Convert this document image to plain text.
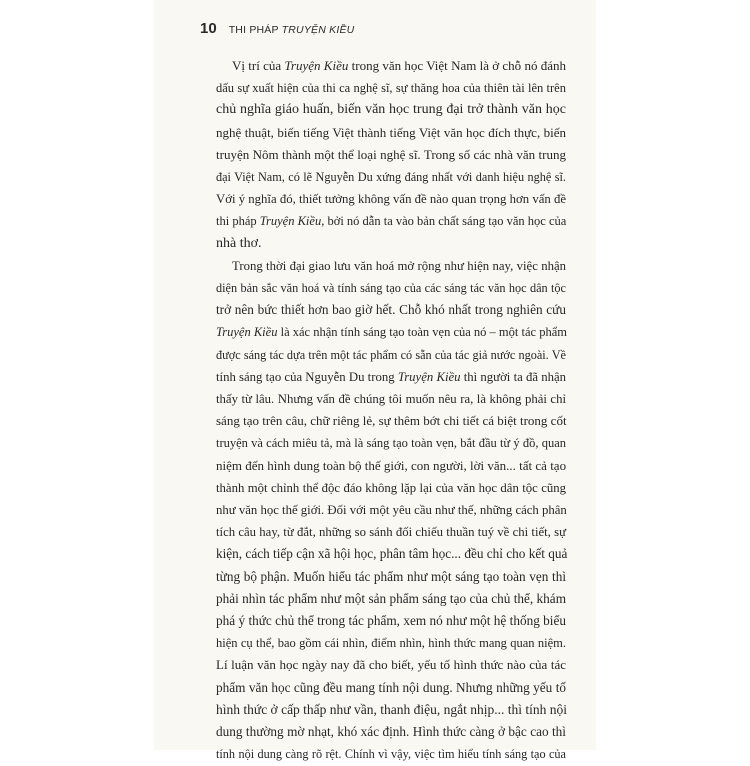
10 THI PHÁP TRUYỆN KIỀU
Vị trí của Truyện Kiều trong văn học Việt Nam là ở chỗ nó đánh
dấu sự xuất hiện của thi ca nghệ sĩ, sự thăng hoa của thiên tài lên trên
chủ nghĩa giáo huấn, biến văn học trung đại trở thành văn học
nghệ thuật, biến tiếng Việt thành tiếng Việt văn học đích thực, biến
truyện Nôm thành một thể loại nghệ sĩ. Trong số các nhà văn trung
đại Việt Nam, có lẽ Nguyễn Du xứng đáng nhất với danh hiệu nghệ sĩ.
Với ý nghĩa đó, thiết tưởng không vấn đề nào quan trọng hơn vấn đề
thi pháp Truyện Kiều, bởi nó dẫn ta vào bản chất sáng tạo văn học của
nhà thơ.
Trong thời đại giao lưu văn hoá mở rộng như hiện nay, việc nhận
diện bản sắc văn hoá và tính sáng tạo của các sáng tác văn học dân tộc
trở nên bức thiết hơn bao giờ hết. Chỗ khó nhất trong nghiên cứu
Truyện Kiều là xác nhận tính sáng tạo toàn vẹn của nó – một tác phẩm
được sáng tác dựa trên một tác phẩm có sẵn của tác giả nước ngoài. Về
tính sáng tạo của Nguyễn Du trong Truyện Kiều thì người ta đã nhận
thấy từ lâu. Nhưng vấn đề chúng tôi muốn nêu ra, là không phải chỉ
sáng tạo trên câu, chữ riêng lẻ, sự thêm bớt chi tiết cá biệt trong cốt
truyện và cách miêu tả, mà là sáng tạo toàn vẹn, bắt đầu từ ý đồ, quan
niệm đến hình dung toàn bộ thế giới, con người, lời văn... tất cả tạo
thành một chỉnh thể độc đáo không lặp lại của văn học dân tộc cũng
như văn học thế giới. Đối với một yêu cầu như thế, những cách phân
tích câu hay, từ đắt, những so sánh đối chiếu thuần tuý về chi tiết, sự
kiện, cách tiếp cận xã hội học, phân tâm học... đều chỉ cho kết quả
từng bộ phận. Muốn hiểu tác phẩm như một sáng tạo toàn vẹn thì
phải nhìn tác phẩm như một sản phẩm sáng tạo của chủ thể, khám
phá ý thức chủ thể trong tác phẩm, xem nó như một hệ thống biểu
hiện cụ thể, bao gồm cái nhìn, điểm nhìn, hình thức mang quan niệm.
Lí luận văn học ngày nay đã cho biết, yếu tố hình thức nào của tác
phẩm văn học cũng đều mang tính nội dung. Nhưng những yếu tố
hình thức ở cấp thấp như vần, thanh điệu, ngắt nhịp... thì tính nội
dung thường mờ nhạt, khó xác định. Hình thức càng ở bậc cao thì
tính nội dung càng rõ rệt. Chính vì vậy, việc tìm hiểu tính sáng tạo của
